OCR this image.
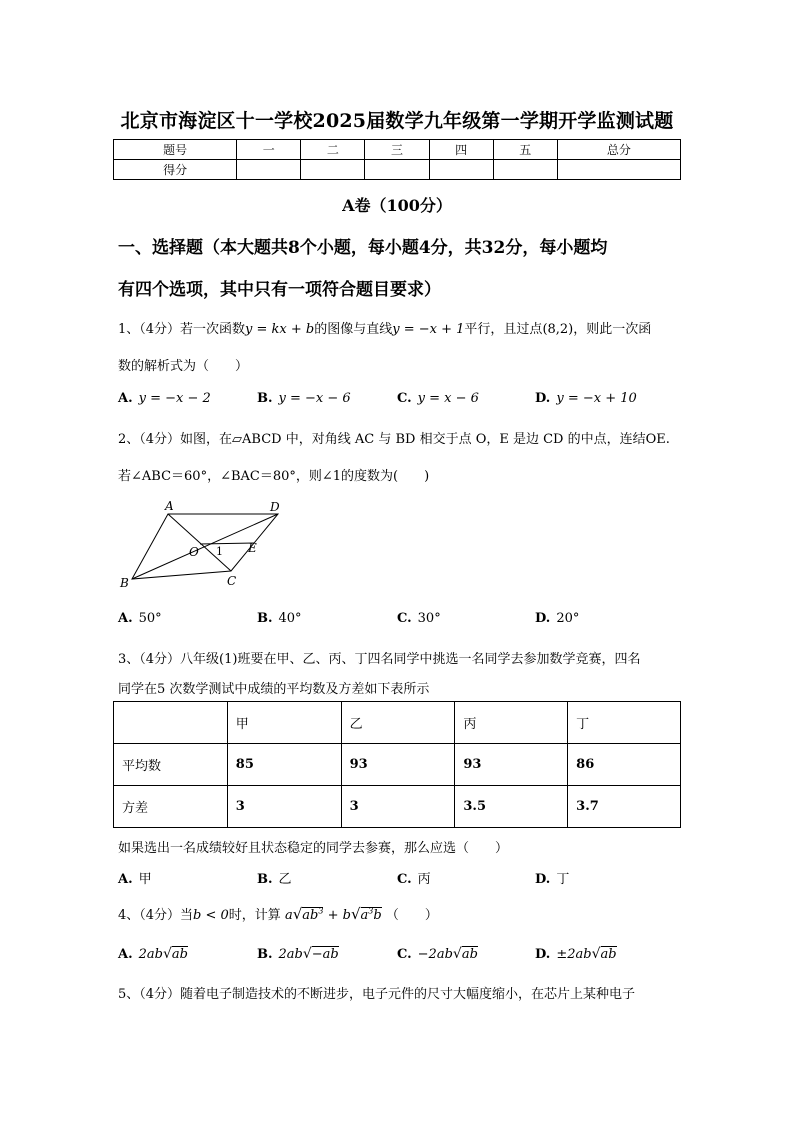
北京市海淀区十一学校2025届数学九年级第一学期开学监测试题
题号	一	二	三	四	五	总分
得分						
A卷（100分）
一、选择题（本大题共8个小题，每小题4分，共32分，每小题均
有四个选项，其中只有一项符合题目要求）
1、（4分）若一次函数y = kx + b的图像与直线y = −x + 1平行，且过点(8,2)，则此一次函
数的解析式为（　　）
A. y = −x − 2	B. y = −x − 6	C. y = x − 6	D. y = −x + 10
2、（4分）如图，在▱ABCD 中，对角线 AC 与 BD 相交于点 O，E 是边 CD 的中点，连结OE.
若∠ABC＝60°，∠BAC＝80°，则∠1的度数为(　　)
A	D
B	C
O	E
1
A. 50°	B. 40°	C. 30°	D. 20°
3、（4分）八年级(1)班要在甲、乙、丙、丁四名同学中挑选一名同学去参加数学竞赛，四名
同学在5 次数学测试中成绩的平均数及方差如下表所示
	甲	乙	丙	丁
平均数	85	93	93	86
方差	3	3	3.5	3.7
如果选出一名成绩较好且状态稳定的同学去参赛，那么应选（　　）
A. 甲	B. 乙	C. 丙	D. 丁
4、（4分）当b < 0时，计算 $a√ab^3 + b√a^3b$ （　　）
A. 2ab√ab	B. 2ab√−ab	C. −2ab√ab	D. ±2ab√ab
5、（4分）随着电子制造技术的不断进步，电子元件的尺寸大幅度缩小，在芯片上某种电子
